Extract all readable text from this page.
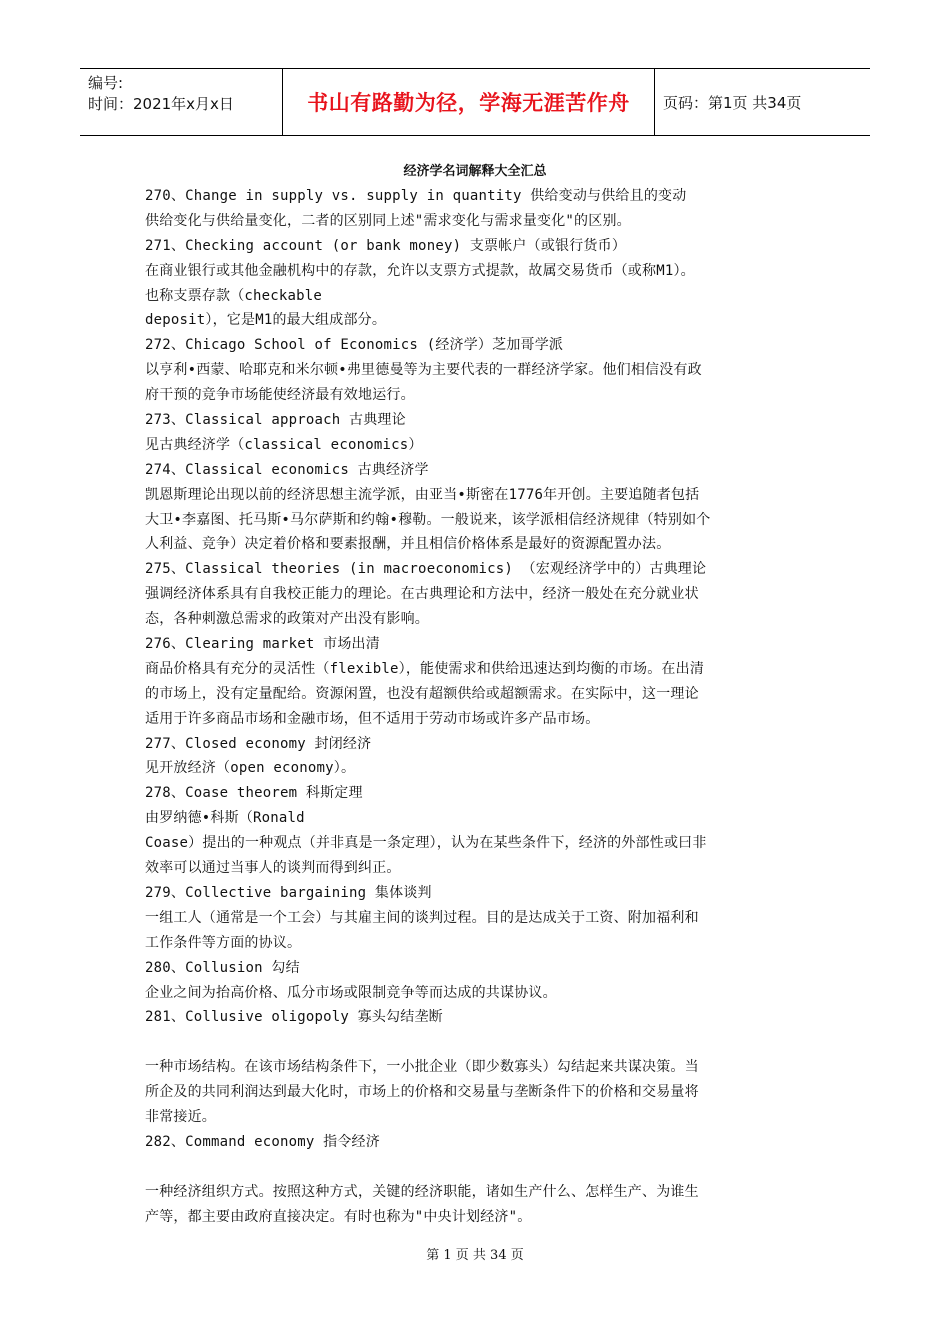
编号:
时间：2021年x月x日	书山有路勤为径，学海无涯苦作舟 页码：第1页 共34页
经济学名词解释大全汇总
270、Change in supply vs. supply in quantity 供给变动与供给且的变动
供给变化与供给量变化，二者的区别同上述"需求变化与需求量变化"的区别。
271、Checking account (or bank money) 支票帐户（或银行货币）
在商业银行或其他金融机构中的存款，允许以支票方式提款，故属交易货币（或称M1）。
也称支票存款（checkable
deposit），它是M1的最大组成部分。
272、Chicago School of Economics (经济学）芝加哥学派
以亨利•西蒙、哈耶克和米尔顿•弗里德曼等为主要代表的一群经济学家。他们相信没有政
府干预的竞争市场能使经济最有效地运行。
273、Classical approach 古典理论
见古典经济学（classical economics）
274、Classical economics 古典经济学
凯恩斯理论出现以前的经济思想主流学派，由亚当•斯密在1776年开创。主要追随者包括
大卫•李嘉图、托马斯•马尔萨斯和约翰•穆勒。一般说来，该学派相信经济规律（特别如个
人利益、竞争）决定着价格和要素报酬，并且相信价格体系是最好的资源配置办法。
275、Classical theories (in macroeconomics) （宏观经济学中的）古典理论
强调经济体系具有自我校正能力的理论。在古典理论和方法中，经济一般处在充分就业状
态，各种刺激总需求的政策对产出没有影响。
276、Clearing market 市场出清
商品价格具有充分的灵活性（flexible），能使需求和供给迅速达到均衡的市场。在出清
的市场上，没有定量配给。资源闲置，也没有超额供给或超额需求。在实际中，这一理论
适用于许多商品市场和金融市场，但不适用于劳动市场或许多产品市场。
277、Closed economy 封闭经济
见开放经济（open economy）。
278、Coase theorem 科斯定理
由罗纳德•科斯（Ronald
Coase）提出的一种观点（并非真是一条定理），认为在某些条件下，经济的外部性或曰非
效率可以通过当事人的谈判而得到纠正。
279、Collective bargaining 集体谈判
一组工人（通常是一个工会）与其雇主间的谈判过程。目的是达成关于工资、附加福利和
工作条件等方面的协议。
280、Collusion 勾结
企业之间为抬高价格、瓜分市场或限制竞争等而达成的共谋协议。
281、Collusive oligopoly 寡头勾结垄断
一种市场结构。在该市场结构条件下，一小批企业（即少数寡头）勾结起来共谋决策。当
所企及的共同利润达到最大化时，市场上的价格和交易量与垄断条件下的价格和交易量将
非常接近。
282、Command economy 指令经济
一种经济组织方式。按照这种方式，关键的经济职能，诸如生产什么、怎样生产、为谁生
产等，都主要由政府直接决定。有时也称为"中央计划经济"。
第 1 页 共 34 页
